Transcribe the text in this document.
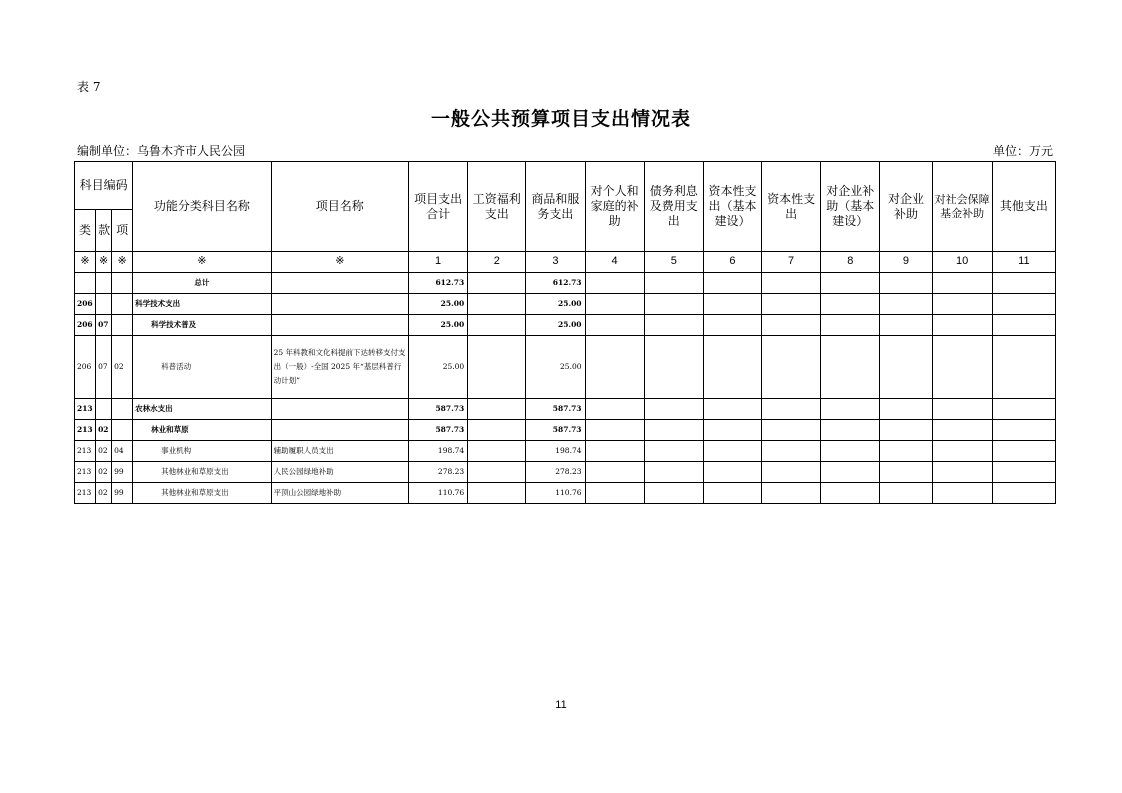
表 7
一般公共预算项目支出情况表
编制单位：乌鲁木齐市人民公园	单位：万元
科目编码			功能分类科目名称	项目名称	项目支出合计	工资福利支出	商品和服务支出	对个人和家庭的补助	债务利息及费用支出	资本性支出（基本建设）	资本性支出	对企业补助（基本建设）	对企业补助	对社会保障基金补助	其他支出
类	款	项													
※	※	※	※	※	1	2	3	4	5	6	7	8	9	10	11
			总计		612.73		612.73								
206			科学技术支出		25.00		25.00								
206	07		科学技术普及		25.00		25.00								
206	07	02	科普活动	25 年科教和文化科提前下达转移支付支出（一般）-全国 2025 年“基层科普行动计划”	25.00		25.00								
213			农林水支出		587.73		587.73								
213	02		林业和草原		587.73		587.73								
213	02	04	事业机构	辅助履职人员支出	198.74		198.74								
213	02	99	其他林业和草原支出	人民公园绿地补助	278.23		278.23								
213	02	99	其他林业和草原支出	平顶山公园绿地补助	110.76		110.76								
11
